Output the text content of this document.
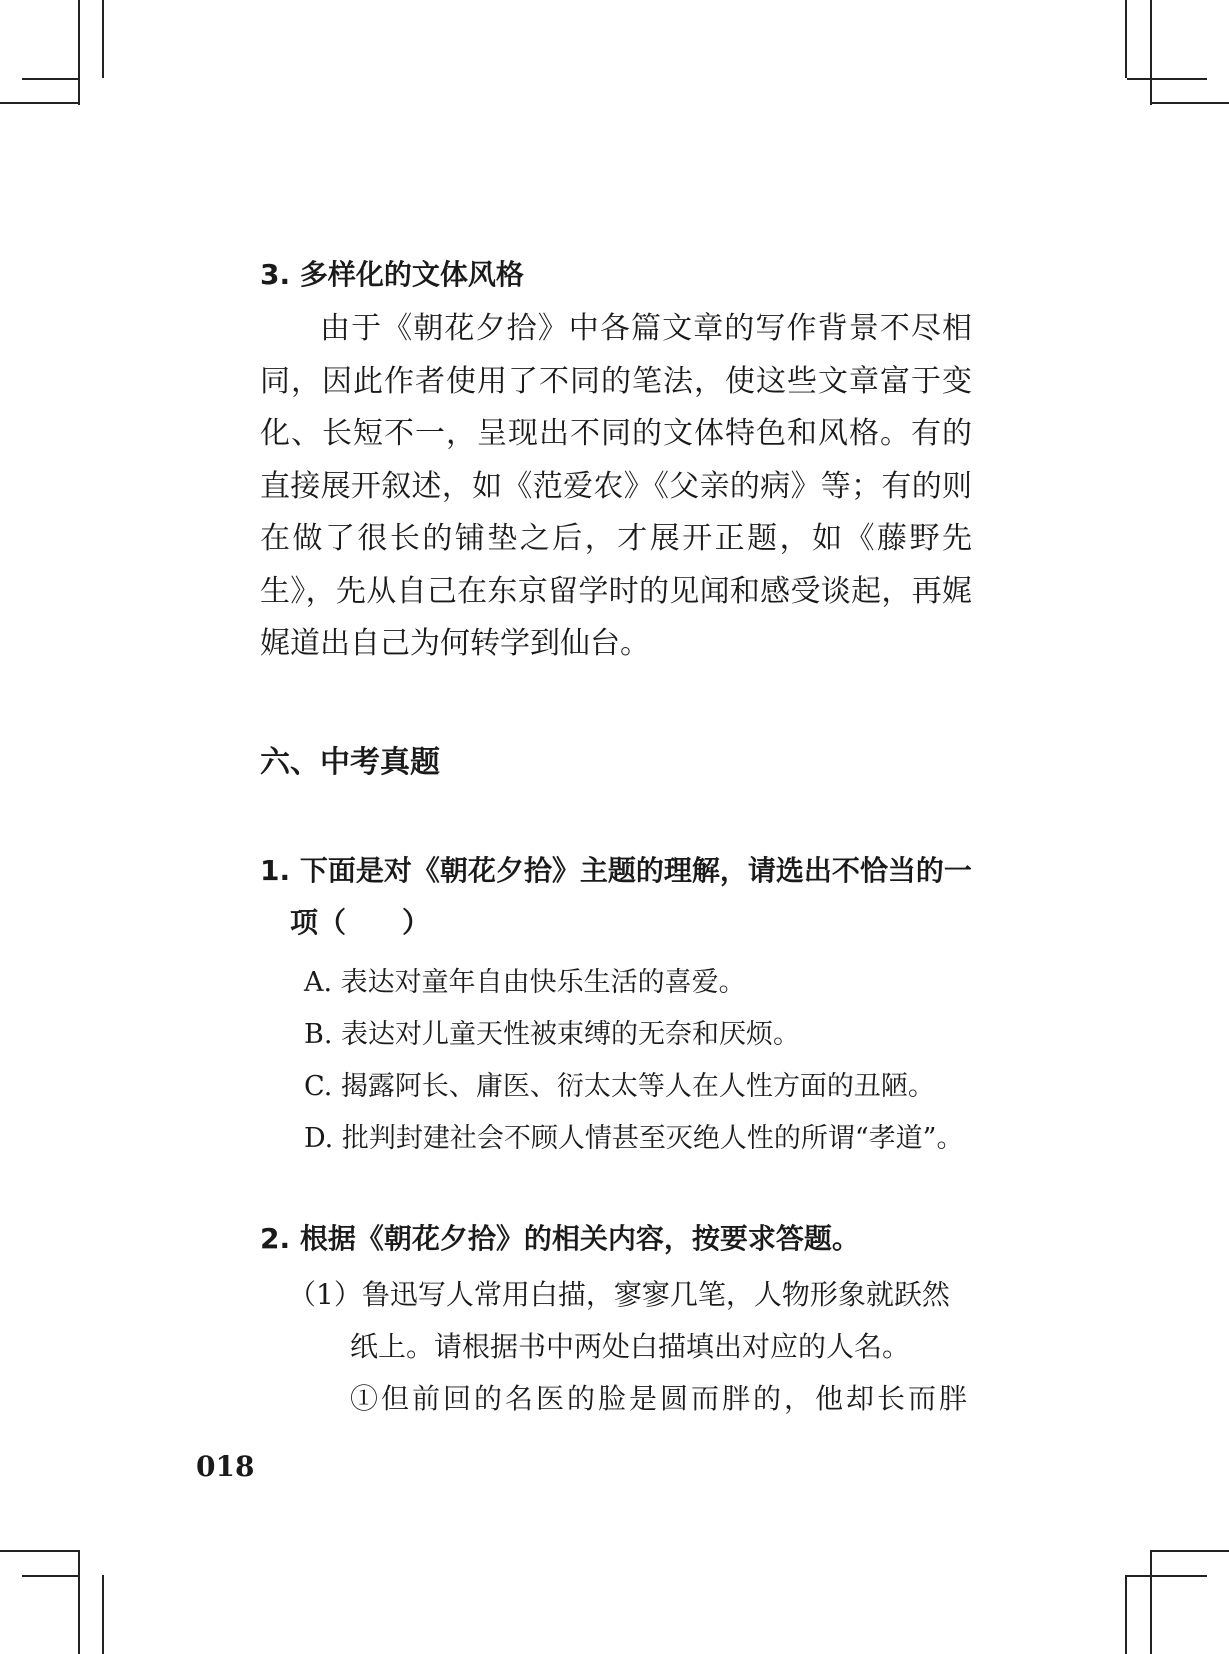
3. 多样化的文体风格

由于《朝花夕拾》中各篇文章的写作背景不尽相同，因此作者使用了不同的笔法，使这些文章富于变化、长短不一，呈现出不同的文体特色和风格。有的直接展开叙述，如《范爱农》《父亲的病》等；有的则在做了很长的铺垫之后，才展开正题，如《藤野先生》，先从自己在东京留学时的见闻和感受谈起，再娓娓道出自己为何转学到仙台。

六、中考真题

1. 下面是对《朝花夕拾》主题的理解，请选出不恰当的一项（　　）

A. 表达对童年自由快乐生活的喜爱。
B. 表达对儿童天性被束缚的无奈和厌烦。
C. 揭露阿长、庸医、衍太太等人在人性方面的丑陋。
D. 批判封建社会不顾人情甚至灭绝人性的所谓“孝道”。

2. 根据《朝花夕拾》的相关内容，按要求答题。

（1）鲁迅写人常用白描，寥寥几笔，人物形象就跃然纸上。请根据书中两处白描填出对应的人名。

①但前回的名医的脸是圆而胖的，他却长而胖

018
